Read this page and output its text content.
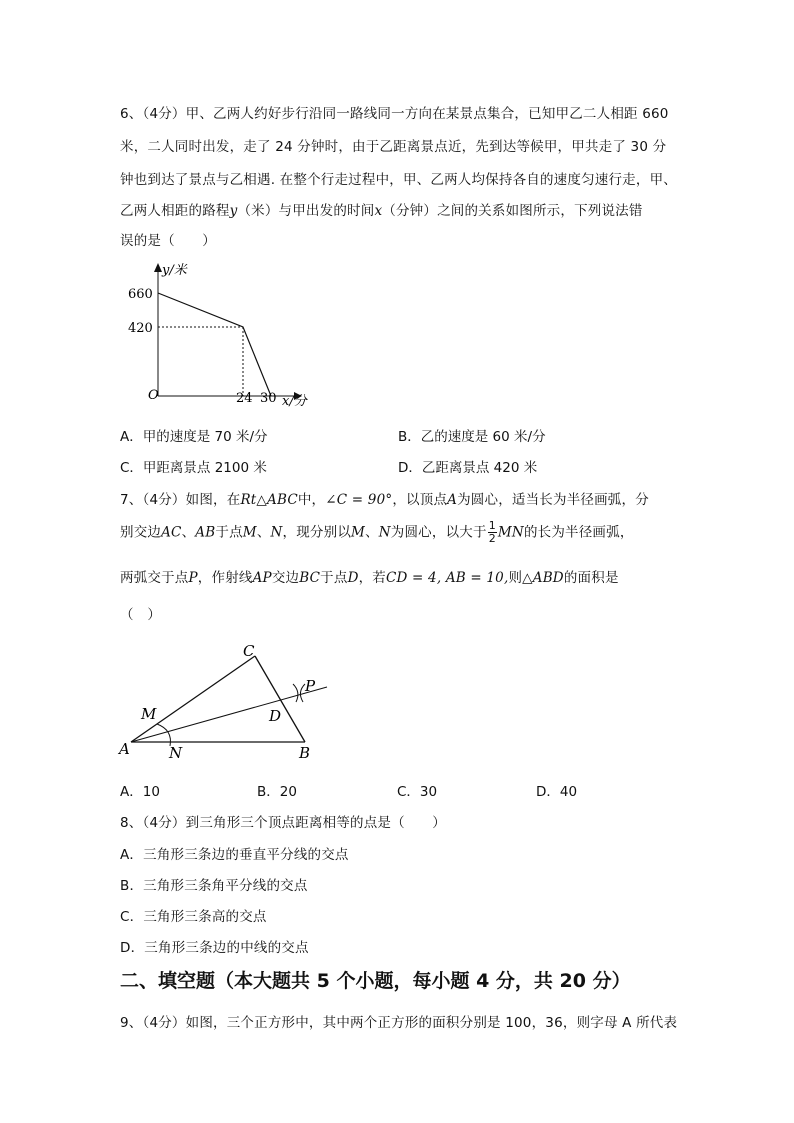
6、（4分）甲、乙两人约好步行沿同一路线同一方向在某景点集合，已知甲乙二人相距 660
米，二人同时出发，走了 24 分钟时，由于乙距离景点近，先到达等候甲，甲共走了 30 分
钟也到达了景点与乙相遇. 在整个行走过程中，甲、乙两人均保持各自的速度匀速行走，甲、
乙两人相距的路程y（米）与甲出发的时间x（分钟）之间的关系如图所示，下列说法错
误的是（　　）
y/米
660
420
O	24 30 x/分
A．甲的速度是 70 米/分	B．乙的速度是 60 米/分
C．甲距离景点 2100 米	D．乙距离景点 420 米
7、（4分）如图，在Rt△ABC中，∠C = 90°，以顶点A为圆心，适当长为半径画弧，分
别交边AC、AB于点M、N，现分别以M、N为圆心，以大于 $\frac{1}{2}$ MN的长为半径画弧，
两弧交于点P，作射线AP交边BC于点D，若CD = 4, AB = 10,则△ABD的面积是
（　）
C
A	B
D
M
N
P
A．10	B．20	C．30	D．40
8、（4分）到三角形三个顶点距离相等的点是（　　）
A．三角形三条边的垂直平分线的交点
B．三角形三条角平分线的交点
C．三角形三条高的交点
D．三角形三条边的中线的交点
二、填空题（本大题共 5 个小题，每小题 4 分，共 20 分）
9、（4分）如图，三个正方形中，其中两个正方形的面积分别是 100，36，则字母 A 所代表
